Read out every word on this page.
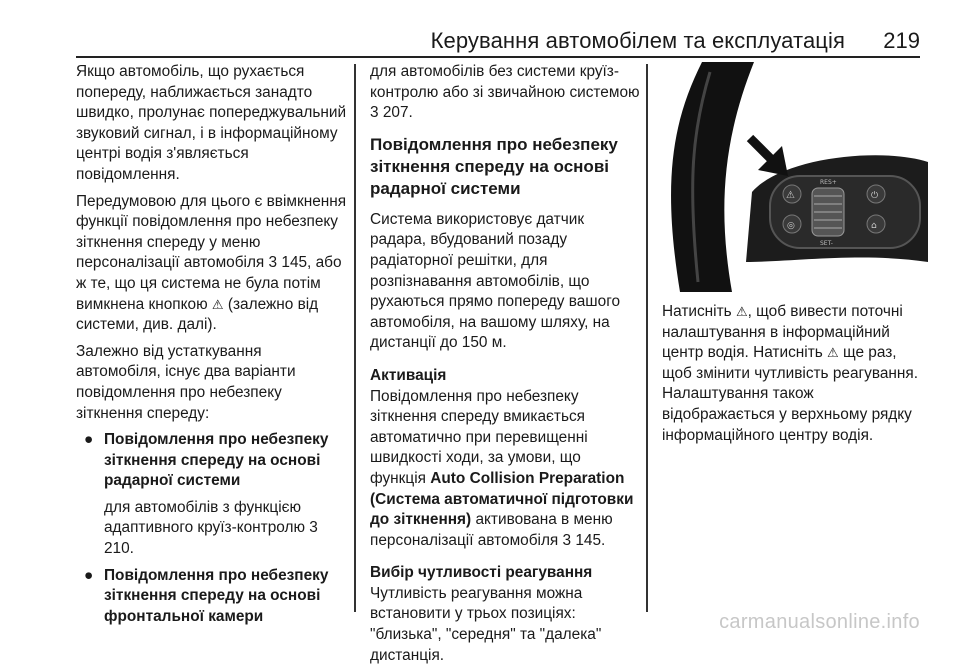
Керування автомобілем та експлуатація 219

Якщо автомобіль, що рухається попереду, наближається занадто швидко, пролунає попереджувальний звуковий сигнал, і в інформаційному центрі водія з'являється повідомлення.

Передумовою для цього є ввімкнення функції повідомлення про небезпеку зіткнення спереду у меню персоналізації автомобіля 3 145, або ж те, що ця система не була потім вимкнена кнопкою ⚠ (залежно від системи, див. далі).

Залежно від устаткування автомобіля, існує два варіанти повідомлення про небезпеку зіткнення спереду:

● Повідомлення про небезпеку зіткнення спереду на основі радарної системи
для автомобілів з функцією адаптивного круїз-контролю 3 210.
● Повідомлення про небезпеку зіткнення спереду на основі фронтальної камери

для автомобілів без системи круїз-контролю або зі звичайною системою 3 207.

Повідомлення про небезпеку зіткнення спереду на основі радарної системи

Система використовує датчик радара, вбудований позаду радіаторної решітки, для розпізнавання автомобілів, що рухаються прямо попереду вашого автомобіля, на вашому шляху, на дистанції до 150 м.

Активація

Повідомлення про небезпеку зіткнення спереду вмикається автоматично при перевищенні швидкості ходи, за умови, що функція Auto Collision Preparation (Система автоматичної підготовки до зіткнення) активована в меню персоналізації автомобіля 3 145.

Вибір чутливості реагування

Чутливість реагування можна встановити у трьох позиціях: "близька", "середня" та "далека" дистанція.

⚠
◎
RES+
SET-
⏻
⌂

Натисніть ⚠, щоб вивести поточні налаштування в інформаційний центр водія. Натисніть ⚠ ще раз, щоб змінити чутливість реагування. Налаштування також відображається у верхньому рядку інформаційного центру водія.

carmanualsonline.info
